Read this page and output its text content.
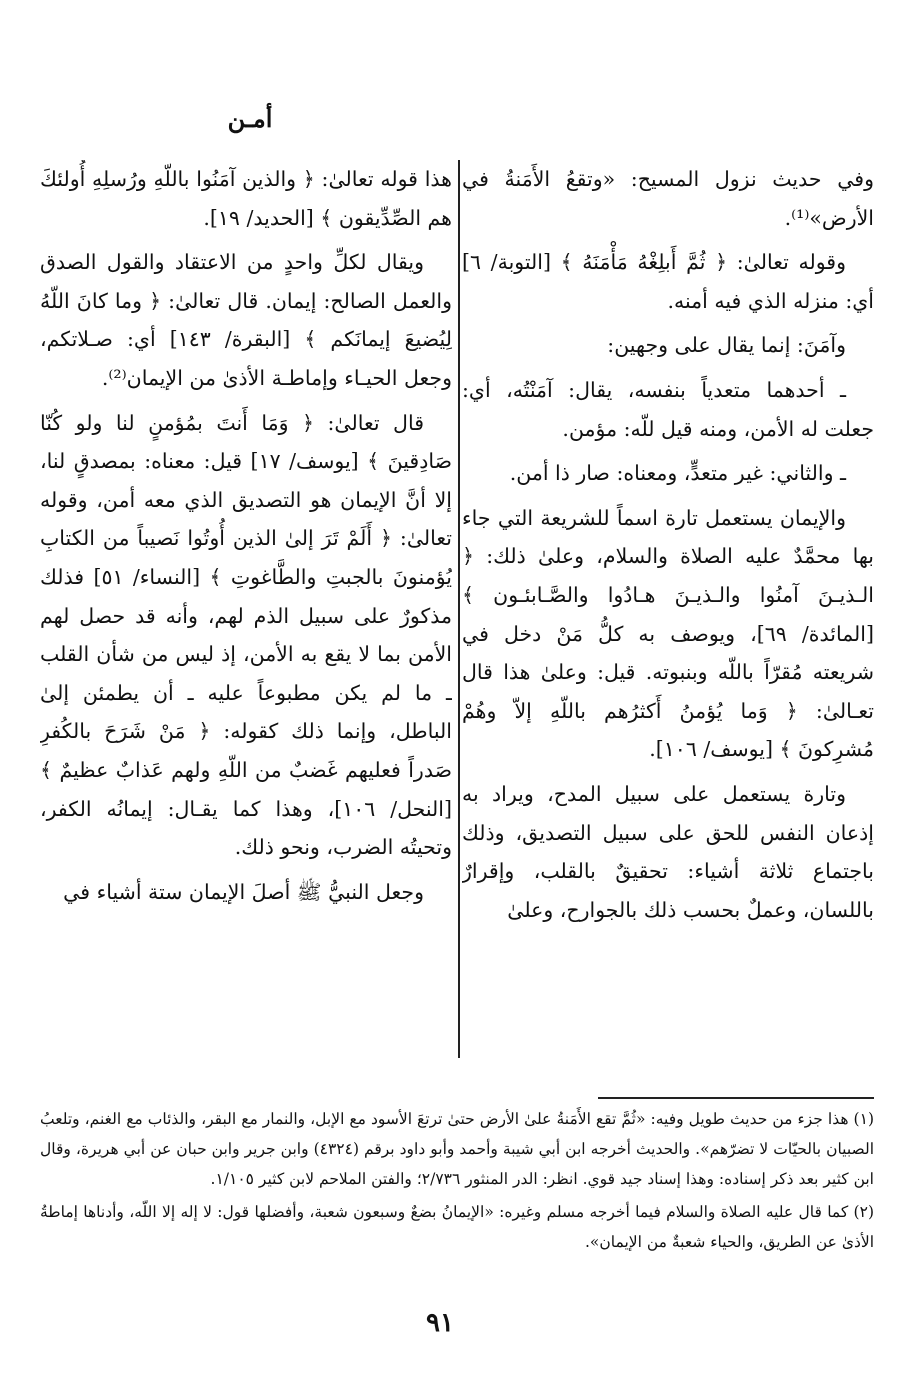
أمـن

وفي حديث نزول المسيح: «وتقعُ الأَمَنةُ في الأرض»⁽¹⁾.

وقوله تعالىٰ: ﴿ ثُمَّ أَبلِغْهُ مَأْمَنَهُ ﴾ [التوبة/ ٦] أي: منزله الذي فيه أمنه.

وآمَنَ: إنما يقال على وجهين:

ـ أحدهما متعدياً بنفسه، يقال: آمَنْتُه، أي: جعلت له الأمن، ومنه قيل للّه: مؤمن.

ـ والثاني: غير متعدٍّ، ومعناه: صار ذا أمن.

والإيمان يستعمل تارة اسماً للشريعة التي جاء بها محمَّدٌ عليه الصلاة والسلام، وعلىٰ ذلك: ﴿ الـذيـنَ آمنُوا والـذيـنَ هـادُوا والصَّـابئـون ﴾ [المائدة/ ٦٩]، ويوصف به كلُّ مَنْ دخل في شريعته مُقرّاً باللّه وبنبوته. قيل: وعلىٰ هذا قال تعـالىٰ: ﴿ وَما يُؤمنُ أَكثرُهم باللّهِ إلاّ وهُمْ مُشرِكونَ ﴾ [يوسف/ ١٠٦].

وتارة يستعمل على سبيل المدح، ويراد به إذعان النفس للحق على سبيل التصديق، وذلك باجتماع ثلاثة أشياء: تحقيقٌ بالقلب، وإقرارٌ باللسان، وعملٌ بحسب ذلك بالجوارح، وعلىٰ

هذا قوله تعالىٰ: ﴿ والذين آمَنُوا باللّهِ ورُسلِهِ أُولئكَ هم الصِّدِّيقون ﴾ [الحديد/ ١٩].

ويقال لكلِّ واحدٍ من الاعتقاد والقول الصدق والعمل الصالح: إيمان. قال تعالىٰ: ﴿ وما كانَ اللّهُ لِيُضيعَ إيمانَكم ﴾ [البقرة/ ١٤٣] أي: صـلاتكم، وجعل الحيـاء وإماطـة الأذىٰ من الإيمان⁽²⁾.

قال تعالىٰ: ﴿ وَمَا أَنتَ بمُؤمنٍ لنا ولو كُنّا صَادِقينَ ﴾ [يوسف/ ١٧] قيل: معناه: بمصدقٍ لنا، إلا أنَّ الإيمان هو التصديق الذي معه أمن، وقوله تعالىٰ: ﴿ أَلَمْ تَرَ إلىٰ الذين أُوتُوا نَصيباً من الكتابِ يُؤمنونَ بالجبتِ والطَّاغوتِ ﴾ [النساء/ ٥١] فذلك مذكورٌ على سبيل الذم لهم، وأنه قد حصل لهم الأمن بما لا يقع به الأمن، إذ ليس من شأن القلب ـ ما لم يكن مطبوعاً عليه ـ أن يطمئن إلىٰ الباطل، وإنما ذلك كقوله: ﴿ مَنْ شَرَحَ بالكُفرِ صَدراً فعليهم غَضبٌ من اللّهِ ولهم عَذابٌ عظيمٌ ﴾ [النحل/ ١٠٦]، وهذا كما يقـال: إيمانُه الكفر، وتحيتُه الضرب، ونحو ذلك.

وجعل النبيُّ ﷺ أصلَ الإيمان ستة أشياء في

(١) هذا جزء من حديث طويل وفيه: «ثُمَّ تقع الأَمَنةُ علىٰ الأرض حتىٰ ترتعَ الأسود مع الإبل، والنمار مع البقر، والذئاب مع الغنم، وتلعبُ الصبيان بالحيّات لا تضرّهم». والحديث أخرجه ابن أبي شيبة وأحمد وأبو داود برقم (٤٣٢٤) وابن جرير وابن حبان عن أبي هريرة، وقال ابن كثير بعد ذكر إسناده: وهذا إسناد جيد قوي. انظر: الدر المنثور ٢/٧٣٦؛ والفتن الملاحم لابن كثير ١/١٠٥.

(٢) كما قال عليه الصلاة والسلام فيما أخرجه مسلم وغيره: «الإيمانُ بضعٌ وسبعون شعبة، وأفضلها قول: لا إله إلا اللّه، وأدناها إماطةُ الأذىٰ عن الطريق، والحياء شعبةٌ من الإيمان».

٩١
